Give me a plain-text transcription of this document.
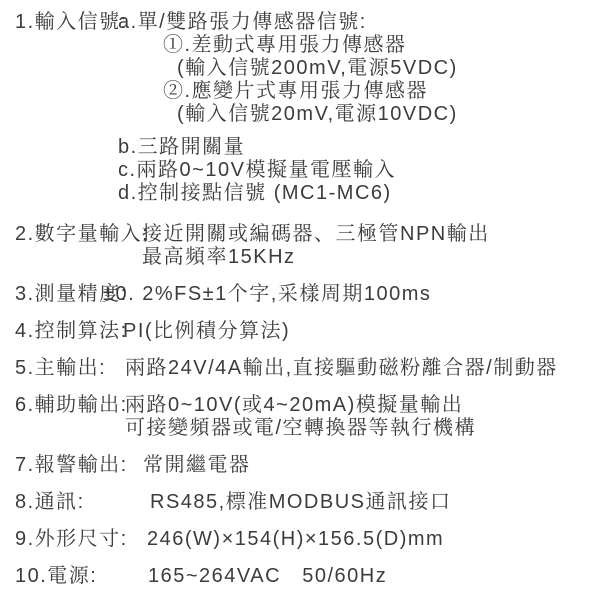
1.輸入信號:
a.單/雙路張力傳感器信號:
①.差動式專用張力傳感器
(輸入信號200mV,電源5VDC)
②.應變片式專用張力傳感器
(輸入信號20mV,電源10VDC)
b.三路開關量
c.兩路0~10V模擬量電壓輸入
d.控制接點信號 (MC1-MC6)
2.數字量輸入:
接近開關或編碼器、三極管NPN輸出
最高頻率15KHz
3.測量精度:
±0. 2%FS±1个字,采樣周期100ms
4.控制算法:
PI(比例積分算法)
5.主輸出: 兩路24V/4A輸出,直接驅動磁粉離合器/制動器
6.輔助輸出:
兩路0~10V(或4~20mA)模擬量輸出
可接變頻器或電/空轉換器等執行機構
7.報警輸出: 常開繼電器
8.通訊:	RS485,標准MODBUS通訊接口
9.外形尺寸: 246(W)×154(H)×156.5(D)mm
10.電源:	165~264VAC   50/60Hz
